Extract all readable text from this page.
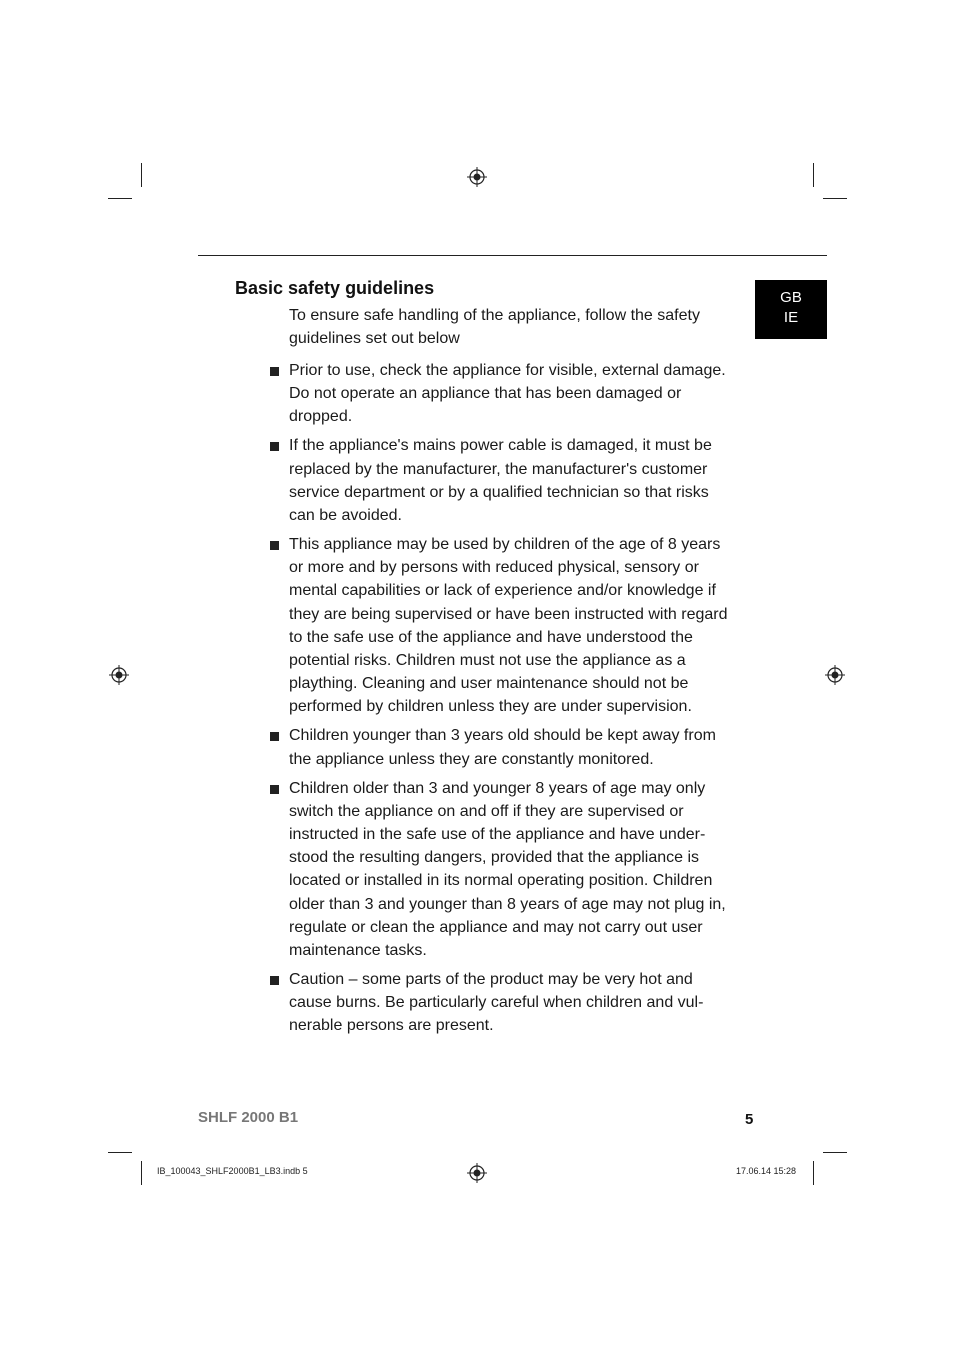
GB
IE
Basic safety guidelines
To ensure safe handling of the appliance, follow the safety guidelines set out below
Prior to use, check the appliance for visible, external damage. Do not operate an appliance that has been damaged or dropped.
If the appliance's mains power cable is damaged, it must be replaced by the manufacturer, the manufacturer's customer service department or by a qualified technician so that risks can be avoided.
This appliance may be used by children of the age of 8 years or more and by persons with reduced physical, sensory or mental capabilities or lack of experience and/or knowledge if they are being supervised or have been instructed with regard to the safe use of the appliance and have understood the potential risks. Children must not use the appliance as a plaything. Cleaning and user maintenance should not be performed by children unless they are under supervision.
Children younger than 3 years old should be kept away from the appliance unless they are constantly monitored.
Children older than 3 and younger 8 years of age may only switch the appliance on and off if they are supervised or instructed in the safe use of the appliance and have under-stood the resulting dangers, provided that the appliance is located or installed in its normal operating position. Children older than 3 and younger than 8 years of age may not plug in, regulate or clean the appliance and may not carry out user maintenance tasks.
Caution – some parts of the product may be very hot and cause burns. Be particularly careful when children and vul-nerable persons are present.
SHLF 2000 B1	5
IB_100043_SHLF2000B1_LB3.indb 5	17.06.14 15:28
